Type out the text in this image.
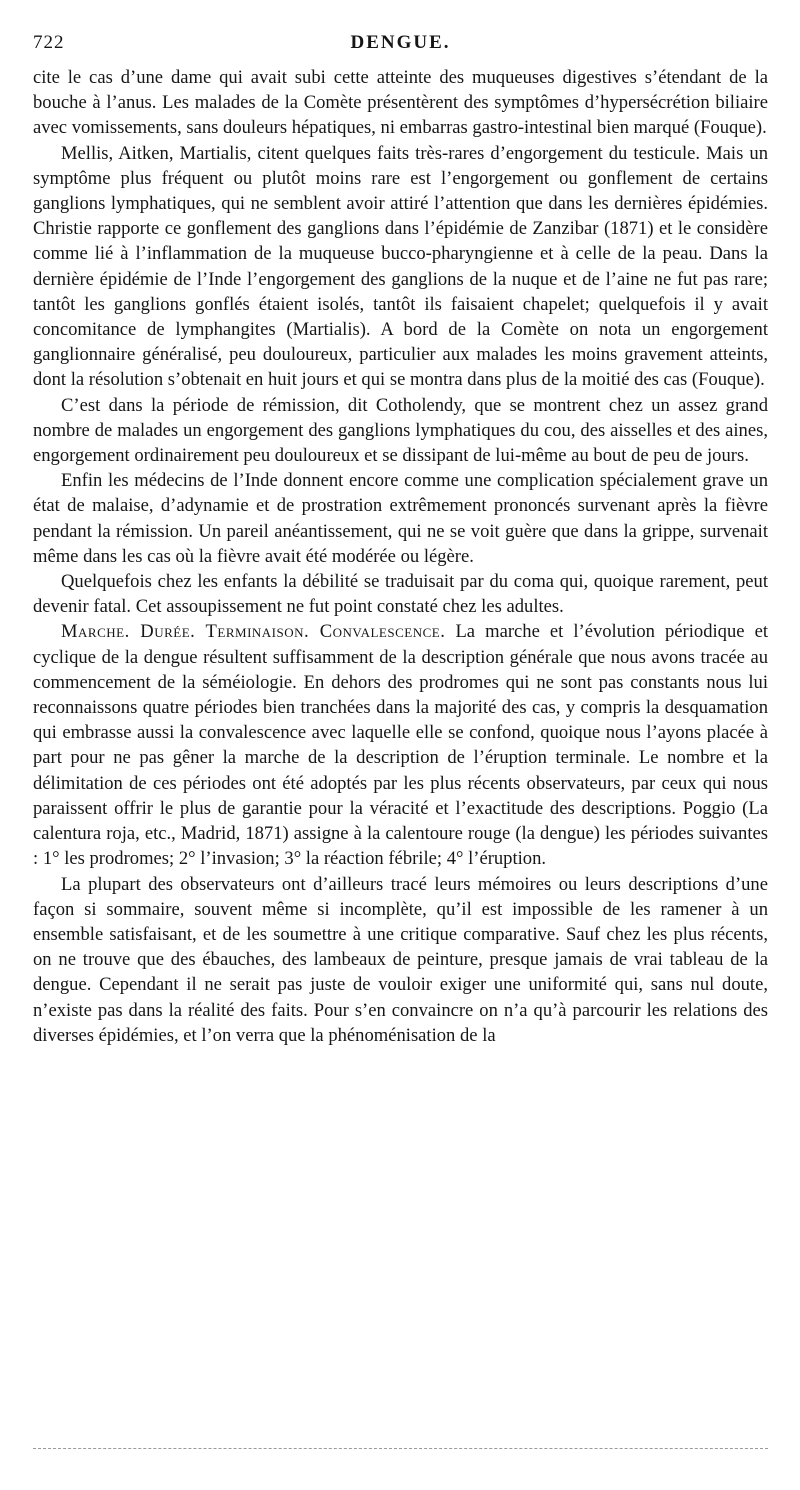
722	DENGUE.

cite le cas d’une dame qui avait subi cette atteinte des muqueuses digestives s’étendant de la bouche à l’anus. Les malades de la Comète présentèrent des symptômes d’hypersécrétion biliaire avec vomissements, sans douleurs hépatiques, ni embarras gastro-intestinal bien marqué (Fouque).

Mellis, Aitken, Martialis, citent quelques faits très-rares d’engorgement du testicule. Mais un symptôme plus fréquent ou plutôt moins rare est l’engorgement ou gonflement de certains ganglions lymphatiques, qui ne semblent avoir attiré l’attention que dans les dernières épidémies. Christie rapporte ce gonflement des ganglions dans l’épidémie de Zanzibar (1871) et le considère comme lié à l’inflammation de la muqueuse bucco-pharyngienne et à celle de la peau. Dans la dernière épidémie de l’Inde l’engorgement des ganglions de la nuque et de l’aine ne fut pas rare; tantôt les ganglions gonflés étaient isolés, tantôt ils faisaient chapelet; quelquefois il y avait concomitance de lymphangites (Martialis). A bord de la Comète on nota un engorgement ganglionnaire généralisé, peu douloureux, particulier aux malades les moins gravement atteints, dont la résolution s’obtenait en huit jours et qui se montra dans plus de la moitié des cas (Fouque).

C’est dans la période de rémission, dit Cotholendy, que se montrent chez un assez grand nombre de malades un engorgement des ganglions lymphatiques du cou, des aisselles et des aines, engorgement ordinairement peu douloureux et se dissipant de lui-même au bout de peu de jours.

Enfin les médecins de l’Inde donnent encore comme une complication spécialement grave un état de malaise, d’adynamie et de prostration extrêmement prononcés survenant après la fièvre pendant la rémission. Un pareil anéantissement, qui ne se voit guère que dans la grippe, survenait même dans les cas où la fièvre avait été modérée ou légère.

Quelquefois chez les enfants la débilité se traduisait par du coma qui, quoique rarement, peut devenir fatal. Cet assoupissement ne fut point constaté chez les adultes.

Marche. Durée. Terminaison. Convalescence. La marche et l’évolution périodique et cyclique de la dengue résultent suffisamment de la description générale que nous avons tracée au commencement de la séméiologie. En dehors des prodromes qui ne sont pas constants nous lui reconnaissons quatre périodes bien tranchées dans la majorité des cas, y compris la desquamation qui embrasse aussi la convalescence avec laquelle elle se confond, quoique nous l’ayons placée à part pour ne pas gêner la marche de la description de l’éruption terminale. Le nombre et la délimitation de ces périodes ont été adoptés par les plus récents observateurs, par ceux qui nous paraissent offrir le plus de garantie pour la véracité et l’exactitude des descriptions. Poggio (La calentura roja, etc., Madrid, 1871) assigne à la calentoure rouge (la dengue) les périodes suivantes : 1° les prodromes; 2° l’invasion; 3° la réaction fébrile; 4° l’éruption.

La plupart des observateurs ont d’ailleurs tracé leurs mémoires ou leurs descriptions d’une façon si sommaire, souvent même si incomplète, qu’il est impossible de les ramener à un ensemble satisfaisant, et de les soumettre à une critique comparative. Sauf chez les plus récents, on ne trouve que des ébauches, des lambeaux de peinture, presque jamais de vrai tableau de la dengue. Cependant il ne serait pas juste de vouloir exiger une uniformité qui, sans nul doute, n’existe pas dans la réalité des faits. Pour s’en convaincre on n’a qu’à parcourir les relations des diverses épidémies, et l’on verra que la phénoménisation de la
